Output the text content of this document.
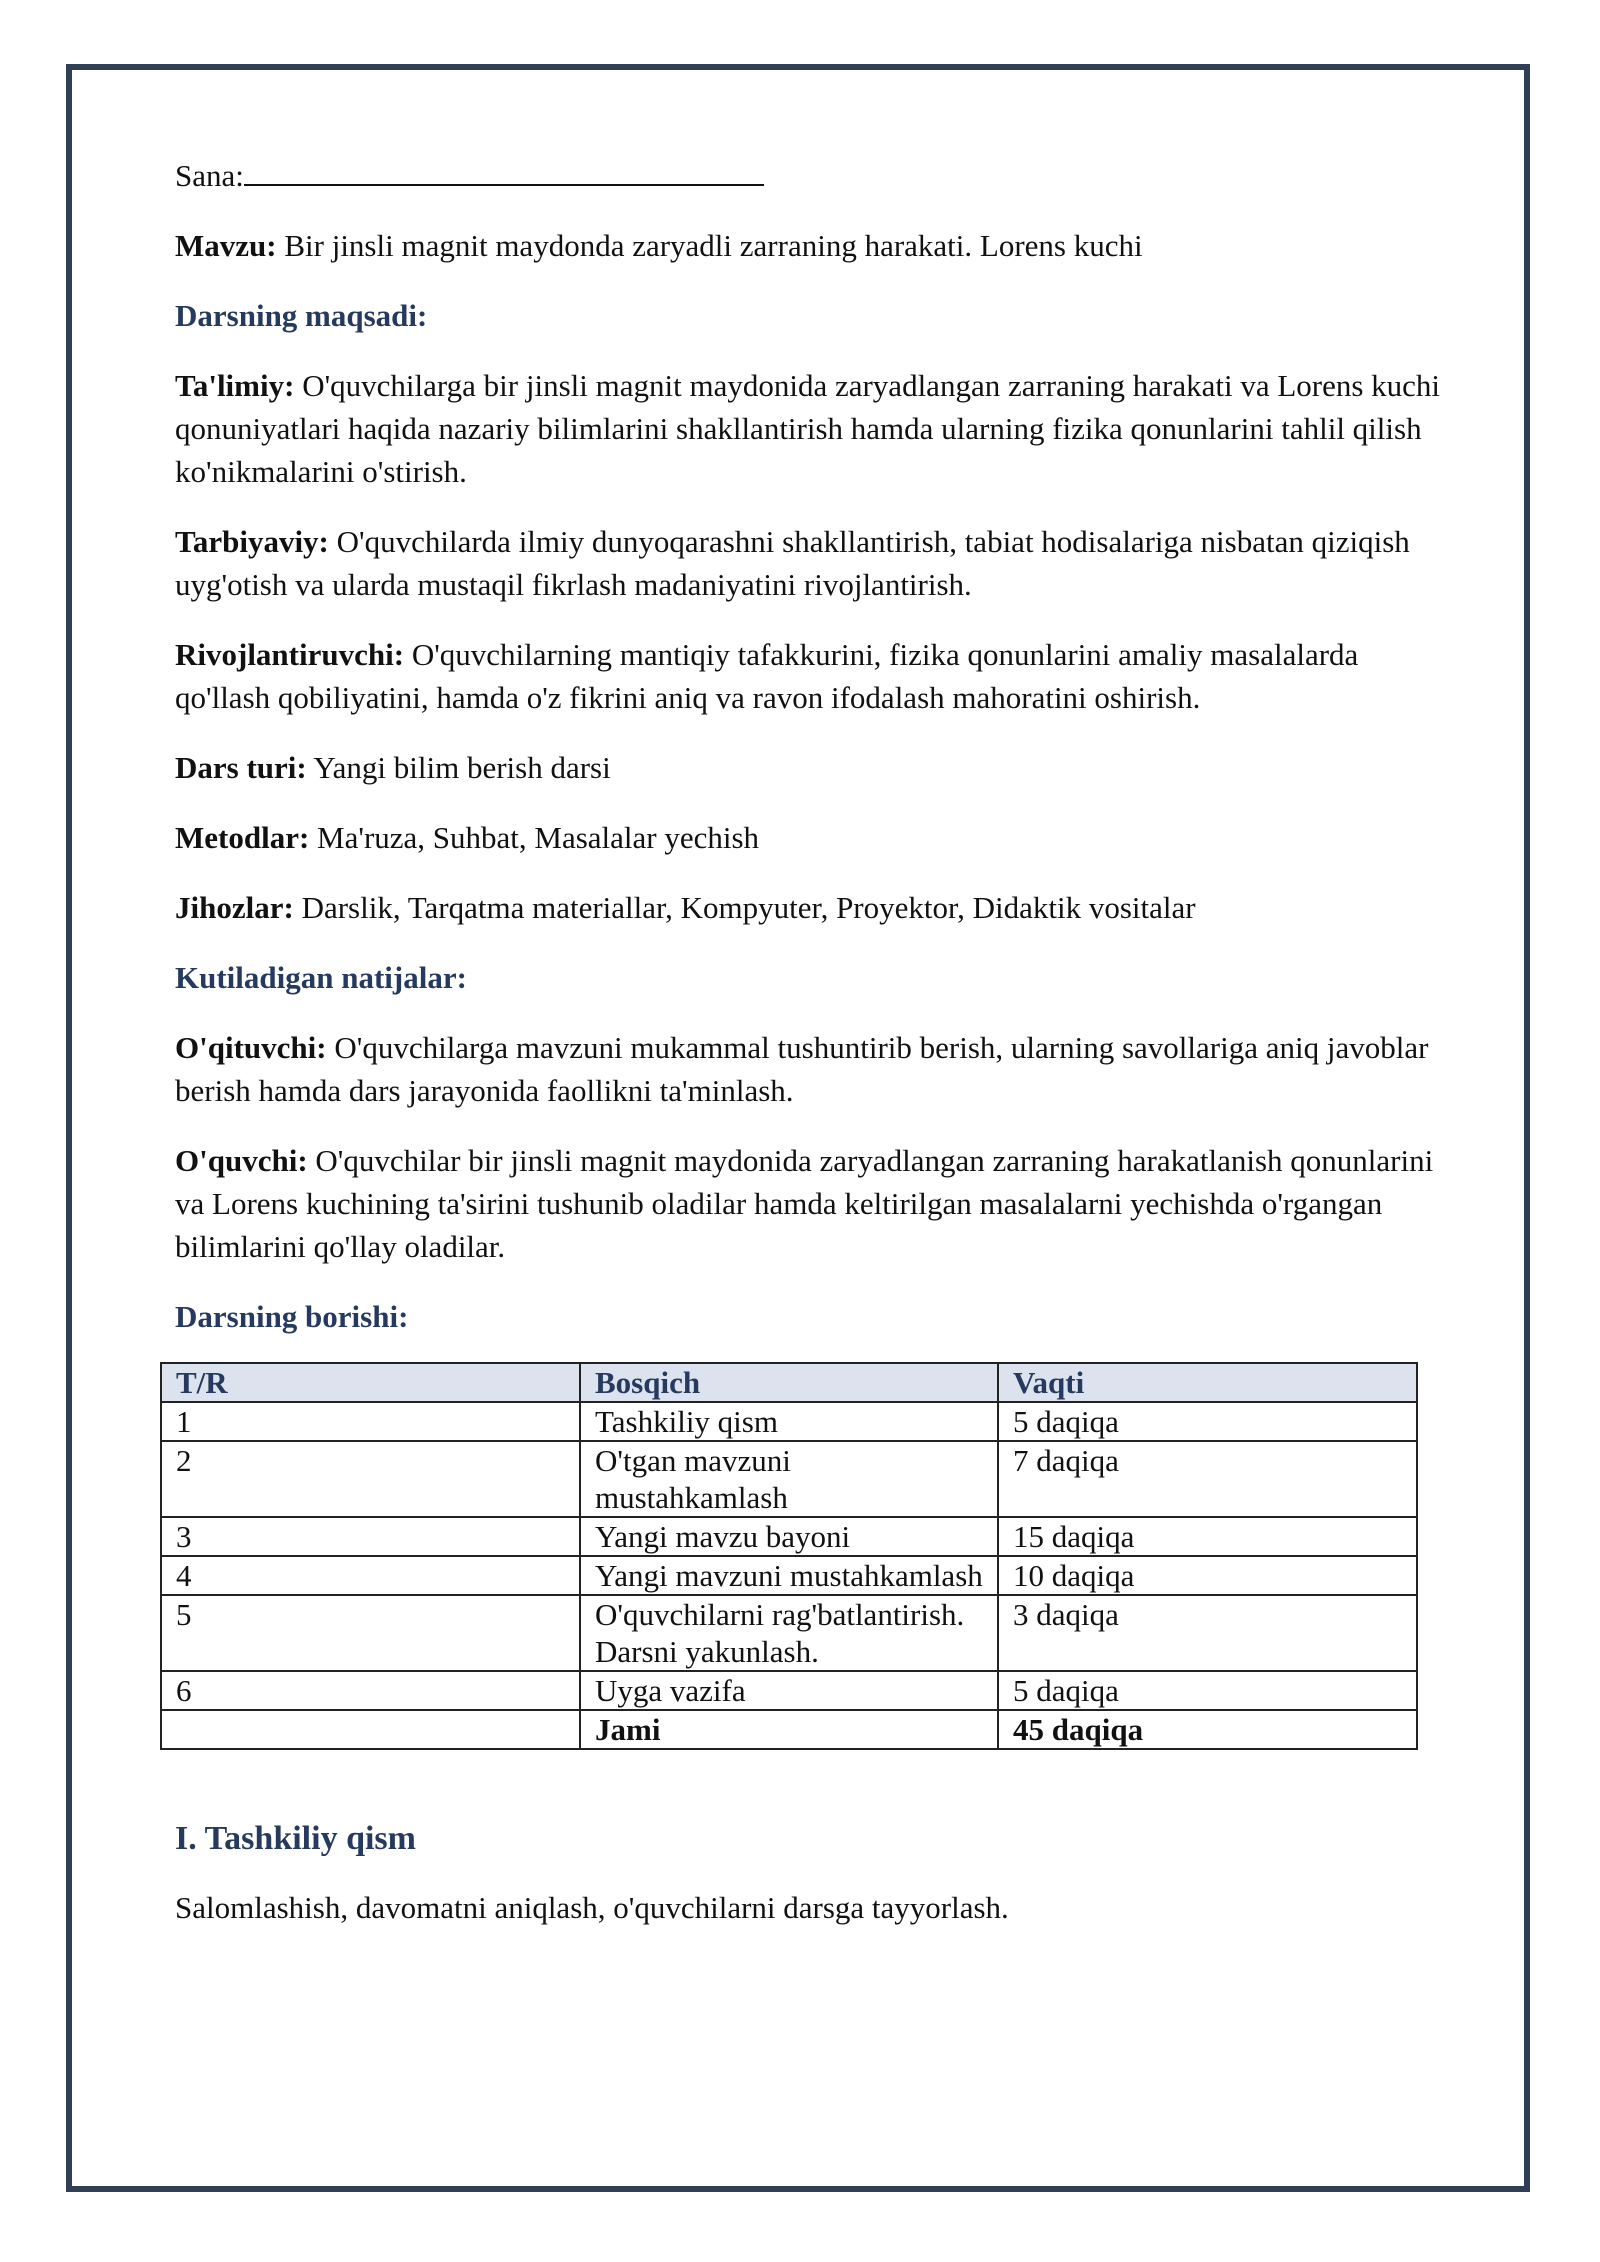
Sana:

Mavzu: Bir jinsli magnit maydonda zaryadli zarraning harakati. Lorens kuchi

Darsning maqsadi:

Ta'limiy: O'quvchilarga bir jinsli magnit maydonida zaryadlangan zarraning harakati va Lorens kuchi qonuniyatlari haqida nazariy bilimlarini shakllantirish hamda ularning fizika qonunlarini tahlil qilish ko'nikmalarini o'stirish.

Tarbiyaviy: O'quvchilarda ilmiy dunyoqarashni shakllantirish, tabiat hodisalariga nisbatan qiziqish uyg'otish va ularda mustaqil fikrlash madaniyatini rivojlantirish.

Rivojlantiruvchi: O'quvchilarning mantiqiy tafakkurini, fizika qonunlarini amaliy masalalarda qo'llash qobiliyatini, hamda o'z fikrini aniq va ravon ifodalash mahoratini oshirish.

Dars turi: Yangi bilim berish darsi

Metodlar: Ma'ruza, Suhbat, Masalalar yechish

Jihozlar: Darslik, Tarqatma materiallar, Kompyuter, Proyektor, Didaktik vositalar

Kutiladigan natijalar:

O'qituvchi: O'quvchilarga mavzuni mukammal tushuntirib berish, ularning savollariga aniq javoblar berish hamda dars jarayonida faollikni ta'minlash.

O'quvchi: O'quvchilar bir jinsli magnit maydonida zaryadlangan zarraning harakatlanish qonunlarini va Lorens kuchining ta'sirini tushunib oladilar hamda keltirilgan masalalarni yechishda o'rgangan bilimlarini qo'llay oladilar.

Darsning borishi:

T/R	Bosqich	Vaqti
1	Tashkiliy qism	5 daqiqa
2	O'tgan mavzuni mustahkamlash	7 daqiqa
3	Yangi mavzu bayoni	15 daqiqa
4	Yangi mavzuni mustahkamlash	10 daqiqa
5	O'quvchilarni rag'batlantirish. Darsni yakunlash.	3 daqiqa
6	Uyga vazifa	5 daqiqa
	Jami	45 daqiqa
I. Tashkiliy qism
Salomlashish, davomatni aniqlash, o'quvchilarni darsga tayyorlash.
